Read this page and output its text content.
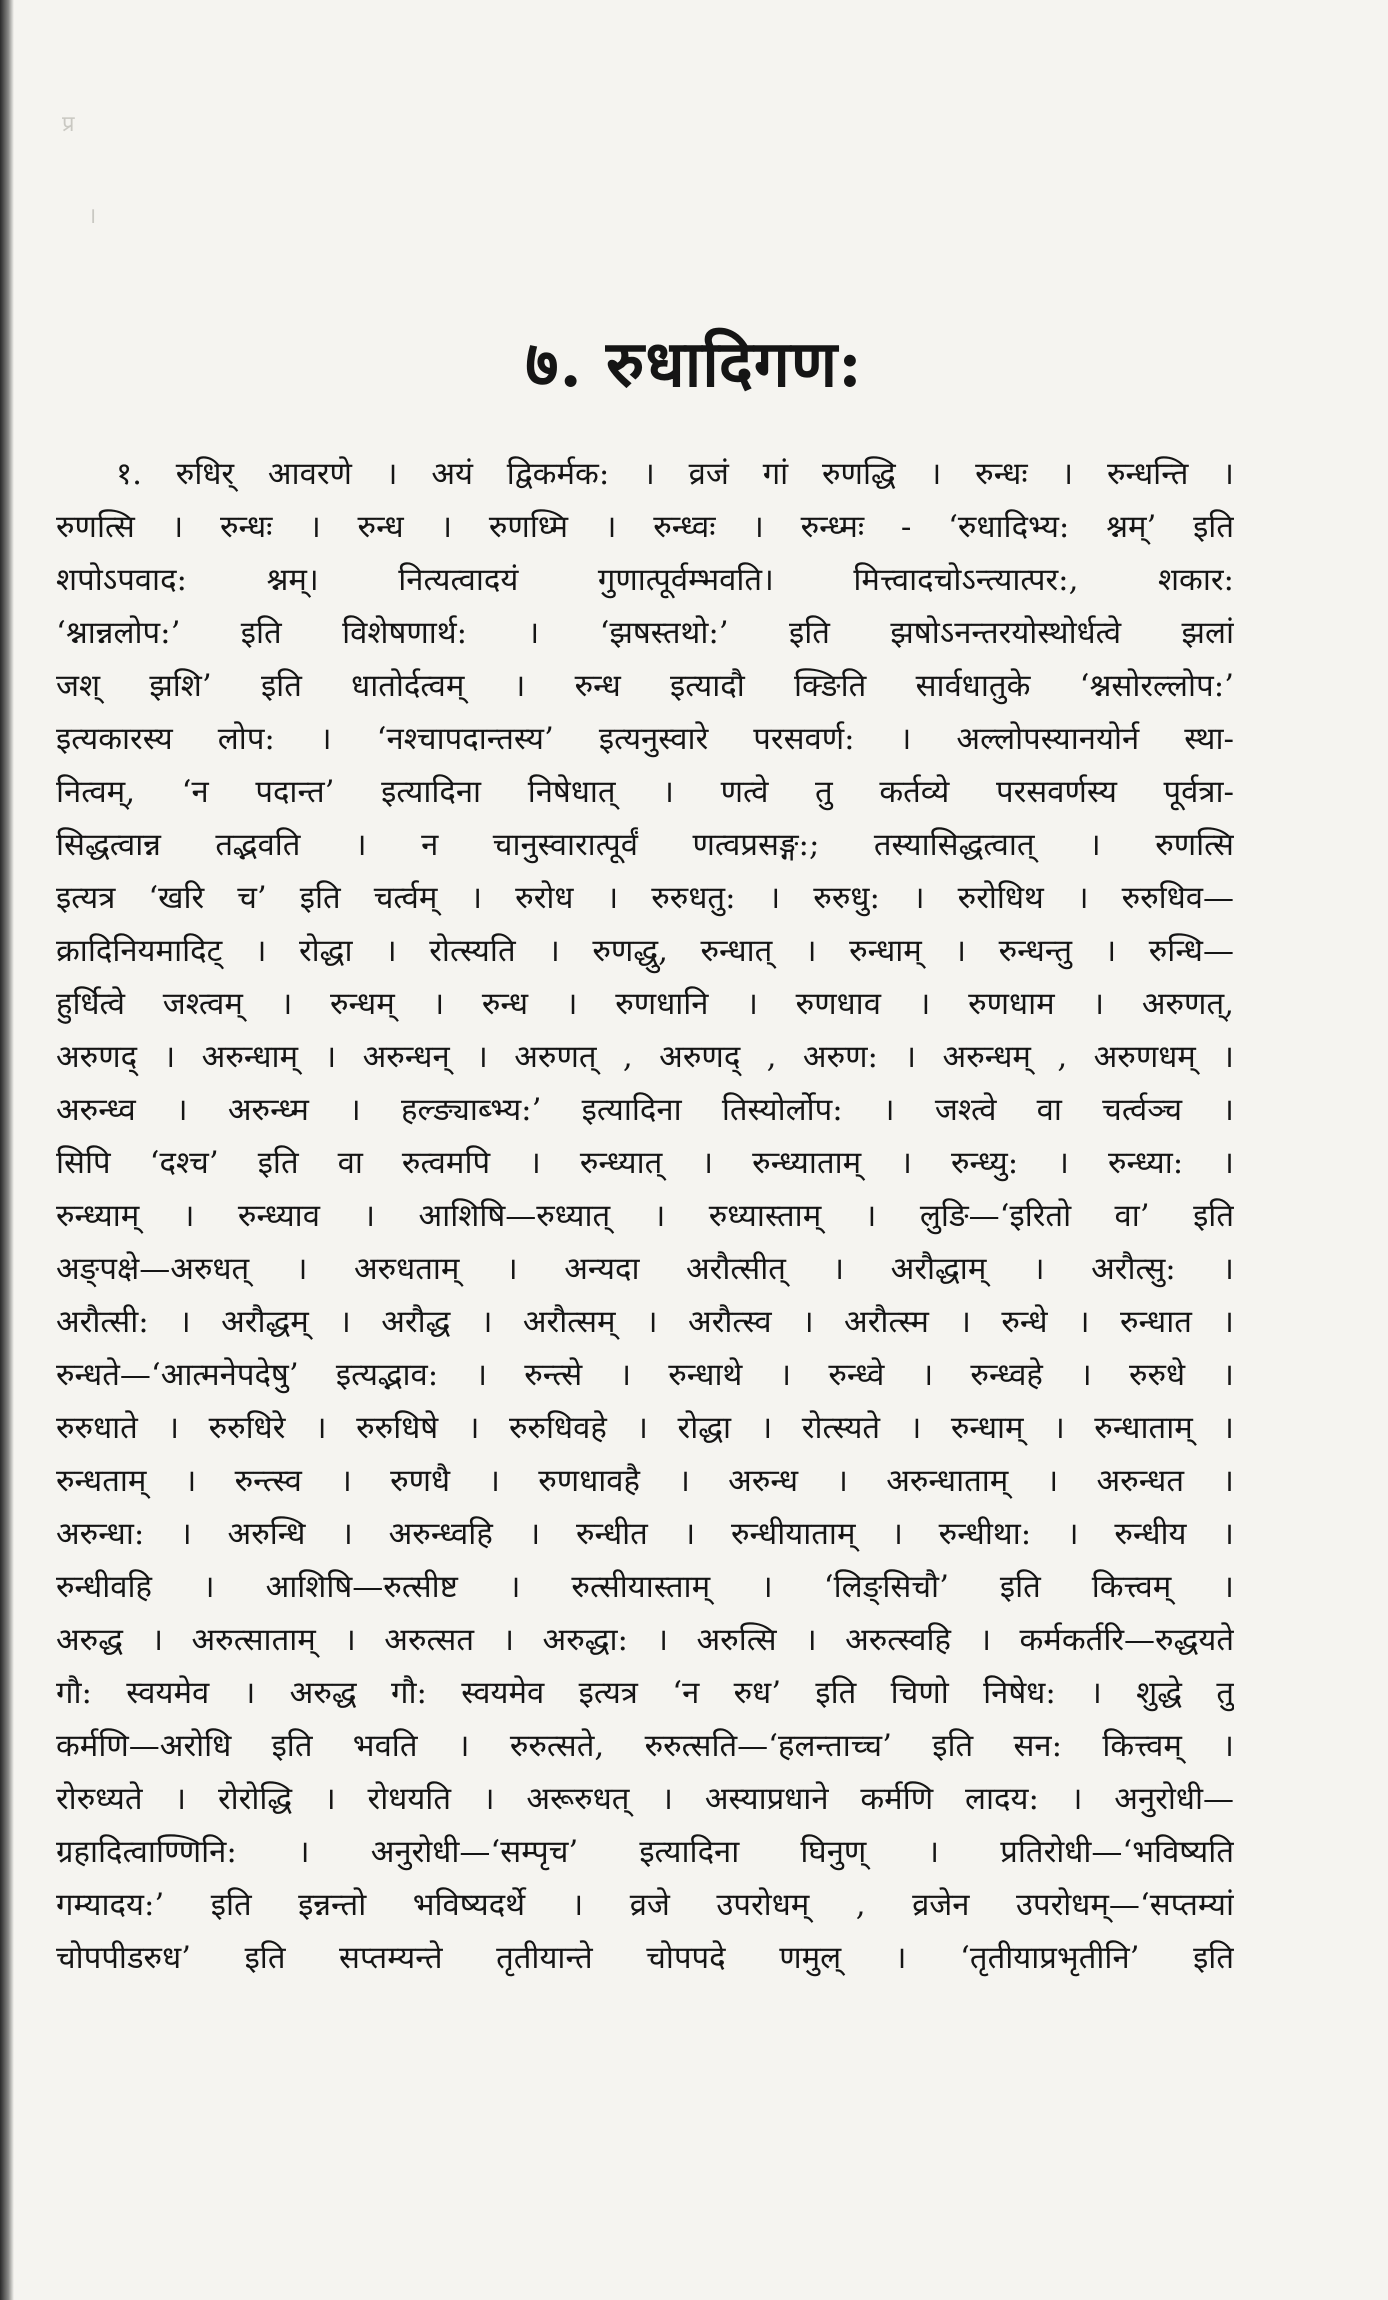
प्र
।
७. रुधादिगण:
१. रुधिर् आवरणे । अयं द्विकर्मक: । व्रजं गां रुणद्धि । रुन्धः । रुन्धन्ति ।
रुणत्सि । रुन्धः । रुन्ध । रुणध्मि । रुन्ध्वः । रुन्ध्मः - ‘रुधादिभ्य: श्नम्’ इति
शपोऽपवाद: श्नम्। नित्यत्वादयं गुणात्पूर्वम्भवति। मित्त्वादचोऽन्त्यात्पर:, शकार:
‘श्नान्नलोप:’ इति विशेषणार्थ: । ‘झषस्तथो:’ इति झषोऽनन्तरयोस्थोर्धत्वे झलां
जश् झशि’ इति धातोर्दत्वम् । रुन्ध इत्यादौ क्ङिति सार्वधातुके ‘श्नसोरल्लोप:’
इत्यकारस्य लोप: । ‘नश्चापदान्तस्य’ इत्यनुस्वारे परसवर्ण: । अल्लोपस्यानयोर्न स्था-
नित्वम्, ‘न पदान्त’ इत्यादिना निषेधात् । णत्वे तु कर्तव्ये परसवर्णस्य पूर्वत्रा-
सिद्धत्वान्न तद्भवति । न चानुस्वारात्पूर्वं णत्वप्रसङ्ग:; तस्यासिद्धत्वात् । रुणत्सि
इत्यत्र ‘खरि च’ इति चर्त्वम् । रुरोध । रुरुधतु: । रुरुधु: । रुरोधिथ । रुरुधिव—
क्रादिनियमादिट् । रोद्धा । रोत्स्यति । रुणद्धु, रुन्धात् । रुन्धाम् । रुन्धन्तु । रुन्धि—
हुर्धित्वे जश्त्वम् । रुन्धम् । रुन्ध । रुणधानि । रुणधाव । रुणधाम । अरुणत्,
अरुणद् । अरुन्धाम् । अरुन्धन् । अरुणत् , अरुणद् , अरुण: । अरुन्धम् , अरुणधम् ।
अरुन्ध्व । अरुन्ध्म । हल्ङ्याब्भ्य:’ इत्यादिना तिस्योर्लोप: । जश्त्वे वा चर्त्वञ्च ।
सिपि ‘दश्च’ इति वा रुत्वमपि । रुन्ध्यात् । रुन्ध्याताम् । रुन्ध्यु: । रुन्ध्या: ।
रुन्ध्याम् । रुन्ध्याव । आशिषि—रुध्यात् । रुध्यास्ताम् । लुङि—‘इरितो वा’ इति
अङ्पक्षे—अरुधत् । अरुधताम् । अन्यदा अरौत्सीत् । अरौद्धाम् । अरौत्सु: ।
अरौत्सी: । अरौद्धम् । अरौद्ध । अरौत्सम् । अरौत्स्व । अरौत्स्म । रुन्धे । रुन्धात ।
रुन्धते—‘आत्मनेपदेषु’ इत्यद्भाव: । रुन्त्से । रुन्धाथे । रुन्ध्वे । रुन्ध्वहे । रुरुधे ।
रुरुधाते । रुरुधिरे । रुरुधिषे । रुरुधिवहे । रोद्धा । रोत्स्यते । रुन्धाम् । रुन्धाताम् ।
रुन्धताम् । रुन्त्स्व । रुणधै । रुणधावहै । अरुन्ध । अरुन्धाताम् । अरुन्धत ।
अरुन्धा: । अरुन्धि । अरुन्ध्वहि । रुन्धीत । रुन्धीयाताम् । रुन्धीथा: । रुन्धीय ।
रुन्धीवहि । आशिषि—रुत्सीष्ट । रुत्सीयास्ताम् । ‘लिङ्सिचौ’ इति कित्त्वम् ।
अरुद्ध । अरुत्साताम् । अरुत्सत । अरुद्धा: । अरुत्सि । अरुत्स्वहि । कर्मकर्तरि—रुद्धयते
गौ: स्वयमेव । अरुद्ध गौ: स्वयमेव इत्यत्र ‘न रुध’ इति चिणो निषेध: । शुद्धे तु
कर्मणि—अरोधि इति भवति । रुरुत्सते, रुरुत्सति—‘हलन्ताच्च’ इति सन: कित्त्वम् ।
रोरुध्यते । रोरोद्धि । रोधयति । अरूरुधत् । अस्याप्रधाने कर्मणि लादय: । अनुरोधी—
ग्रहादित्वाण्णिनि: । अनुरोधी—‘सम्पृच’ इत्यादिना घिनुण् । प्रतिरोधी—‘भविष्यति
गम्यादय:’ इति इन्नन्तो भविष्यदर्थे । व्रजे उपरोधम् , व्रजेन उपरोधम्—‘सप्तम्यां
चोपपीडरुध’ इति सप्तम्यन्ते तृतीयान्ते चोपपदे णमुल् । ‘तृतीयाप्रभृतीनि’ इति
